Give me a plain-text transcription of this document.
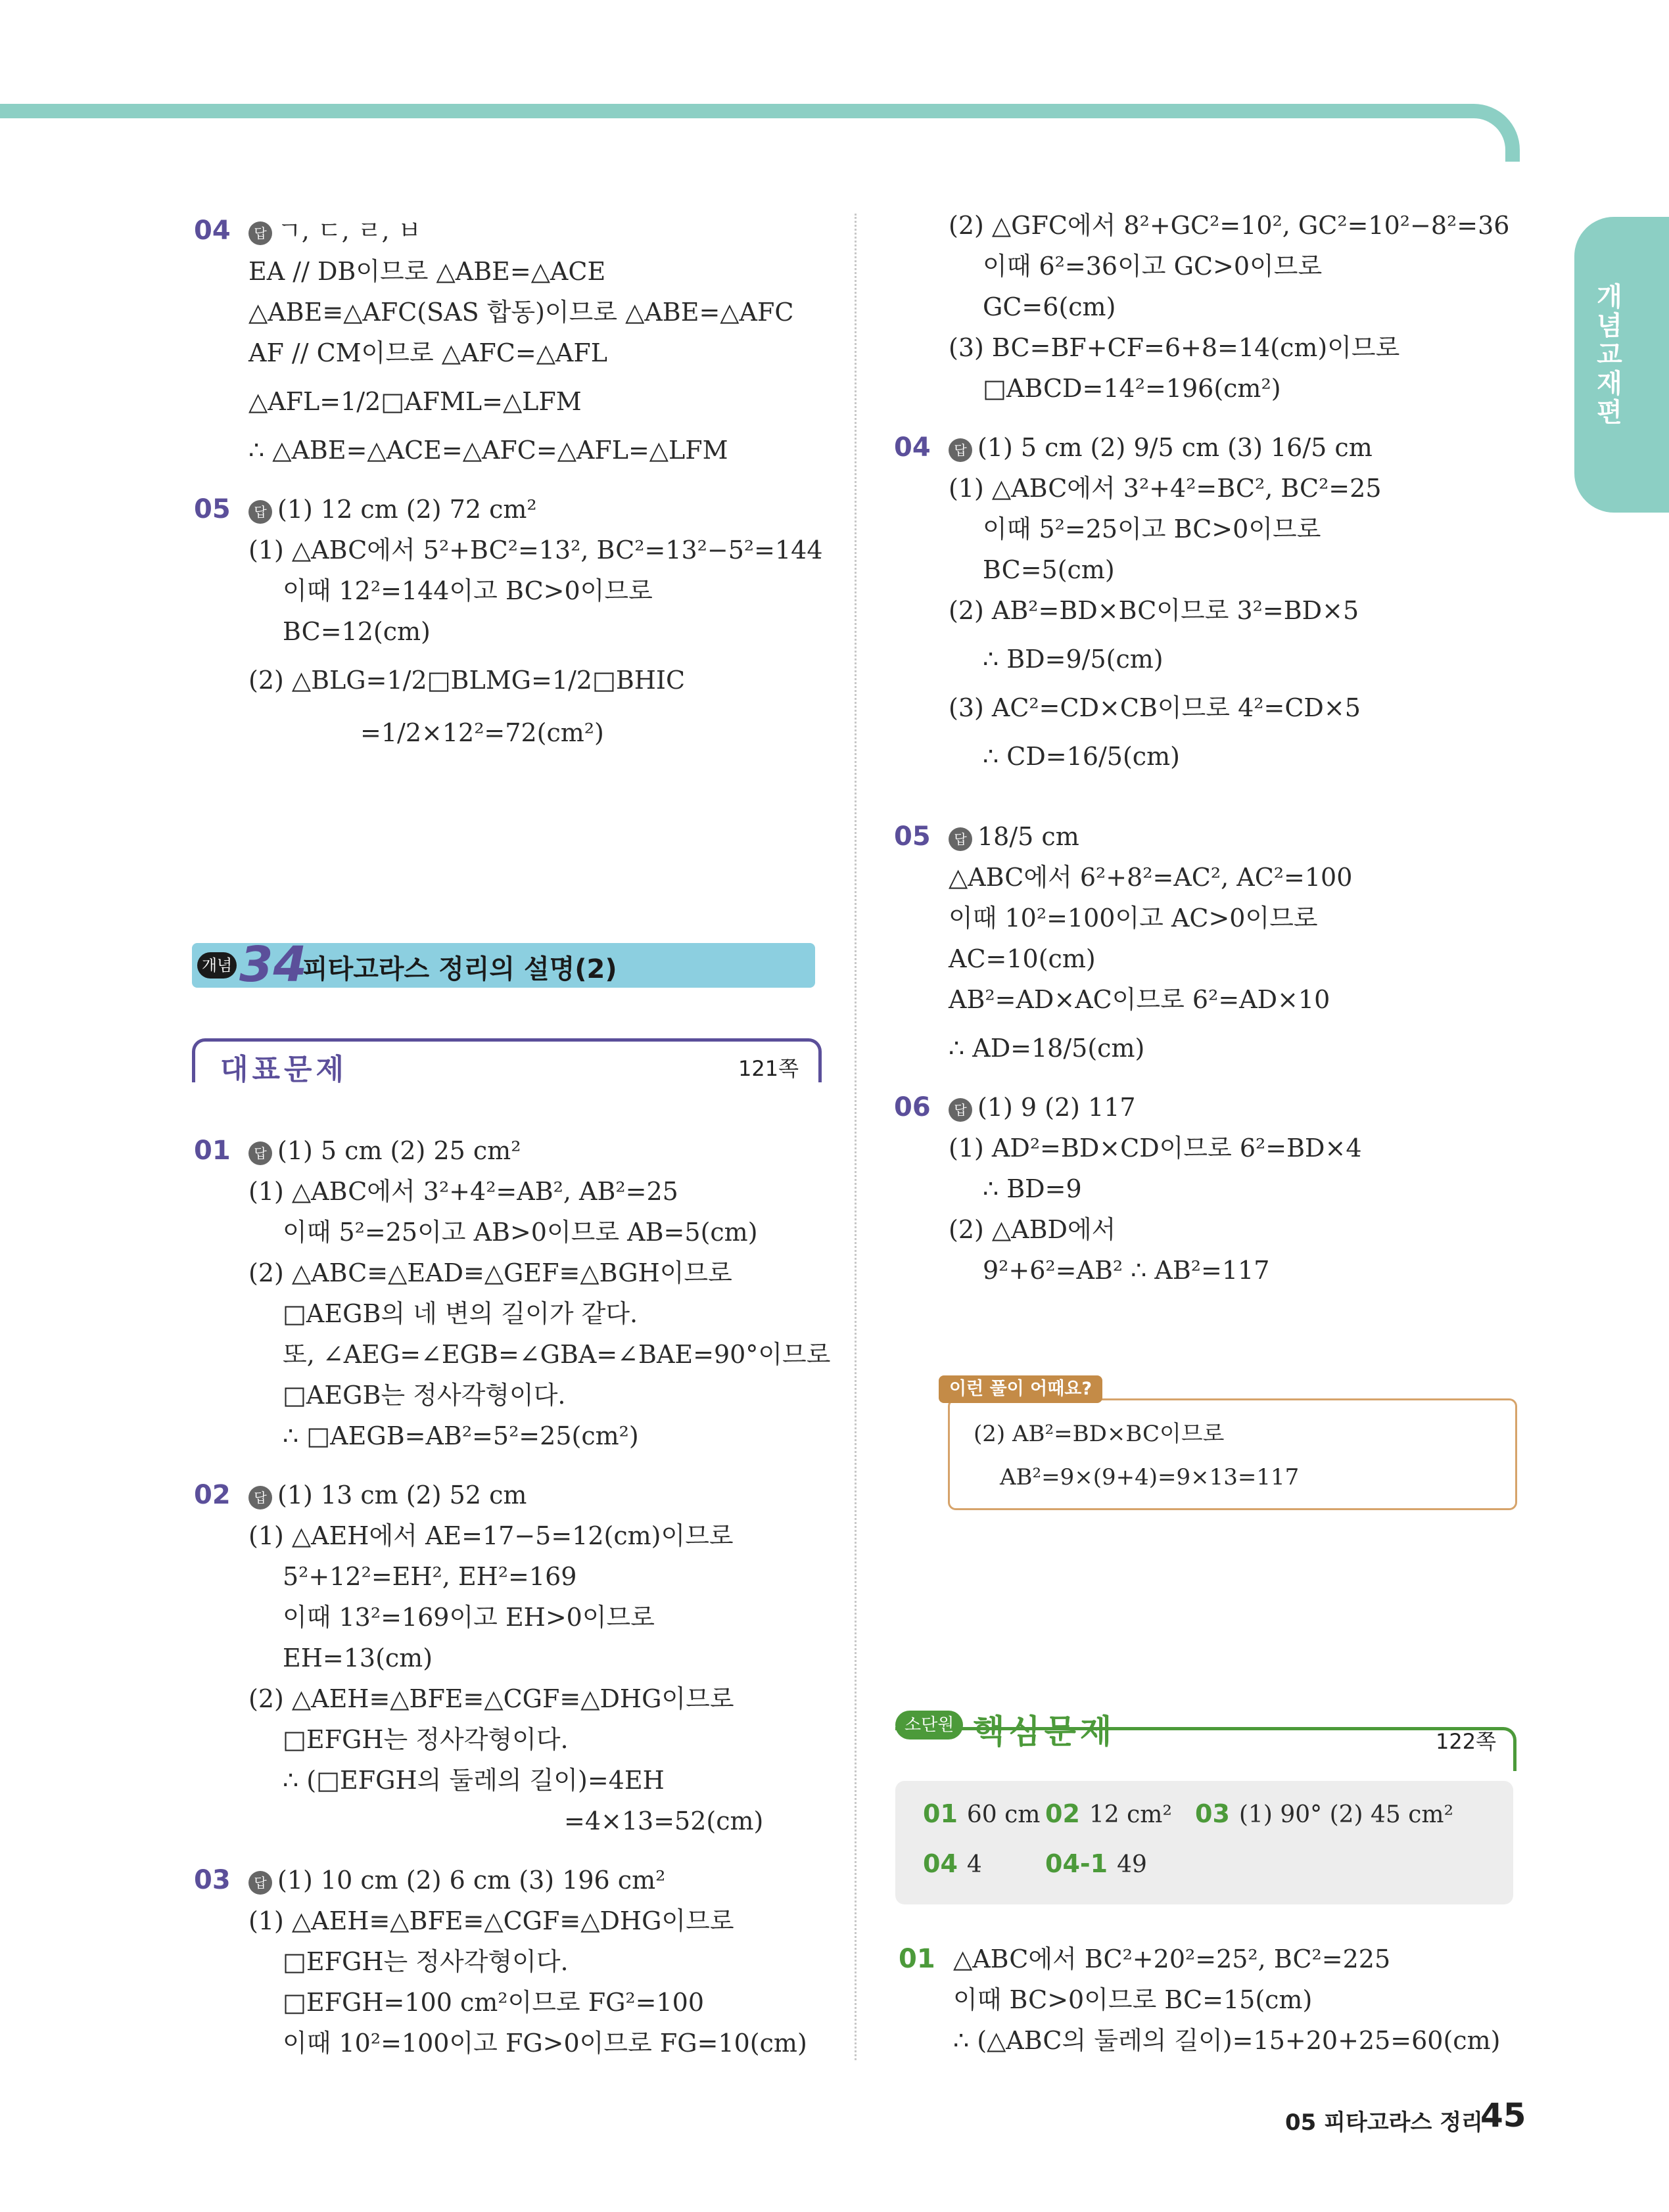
개념교재편
04	답 ㄱ, ㄷ, ㄹ, ㅂ
EA // DB이므로 △ABE=△ACE
△ABE≡△AFC(SAS 합동)이므로 △ABE=△AFC
AF // CM이므로 △AFC=△AFL
△AFL=1/2□AFML=△LFM
∴ △ABE=△ACE=△AFC=△AFL=△LFM
05	답 (1) 12 cm (2) 72 cm²
(1) △ABC에서 5²+BC²=13², BC²=13²−5²=144
이때 12²=144이고 BC>0이므로
BC=12(cm)
(2) △BLG=1/2□BLMG=1/2□BHIC
=1/2×12²=72(cm²)
개념 34
피타고라스 정리의 설명(2)
대표문제	121쪽
01	답 (1) 5 cm (2) 25 cm²
(1) △ABC에서 3²+4²=AB², AB²=25
이때 5²=25이고 AB>0이므로 AB=5(cm)
(2) △ABC≡△EAD≡△GEF≡△BGH이므로
□AEGB의 네 변의 길이가 같다.
또, ∠AEG=∠EGB=∠GBA=∠BAE=90°이므로
□AEGB는 정사각형이다.
∴ □AEGB=AB²=5²=25(cm²)
02	답 (1) 13 cm (2) 52 cm
(1) △AEH에서 AE=17−5=12(cm)이므로
5²+12²=EH², EH²=169
이때 13²=169이고 EH>0이므로
EH=13(cm)
(2) △AEH≡△BFE≡△CGF≡△DHG이므로
□EFGH는 정사각형이다.
∴ (□EFGH의 둘레의 길이)=4EH
=4×13=52(cm)
03	답 (1) 10 cm (2) 6 cm (3) 196 cm²
(1) △AEH≡△BFE≡△CGF≡△DHG이므로
□EFGH는 정사각형이다.
□EFGH=100 cm²이므로 FG²=100
이때 10²=100이고 FG>0이므로 FG=10(cm)
(2) △GFC에서 8²+GC²=10², GC²=10²−8²=36
이때 6²=36이고 GC>0이므로
GC=6(cm)
(3) BC=BF+CF=6+8=14(cm)이므로
□ABCD=14²=196(cm²)
04	답 (1) 5 cm (2) 9/5 cm (3) 16/5 cm
(1) △ABC에서 3²+4²=BC², BC²=25
이때 5²=25이고 BC>0이므로
BC=5(cm)
(2) AB²=BD×BC이므로 3²=BD×5
∴ BD=9/5(cm)
(3) AC²=CD×CB이므로 4²=CD×5
∴ CD=16/5(cm)
05	답 18/5 cm
△ABC에서 6²+8²=AC², AC²=100
이때 10²=100이고 AC>0이므로
AC=10(cm)
AB²=AD×AC이므로 6²=AD×10
∴ AD=18/5(cm)
06	답 (1) 9 (2) 117
(1) AD²=BD×CD이므로 6²=BD×4
∴ BD=9
(2) △ABD에서
9²+6²=AB² ∴ AB²=117
(2) AB²=BD×BC이므로
AB²=9×(9+4)=9×13=117
이런 풀이 어때요?
소단원 핵심문제	122쪽
01 60 cm 02 12 cm² 03 (1) 90° (2) 45 cm²
04 4	04-1 49
01 △ABC에서 BC²+20²=25², BC²=225
이때 BC>0이므로 BC=15(cm)
∴ (△ABC의 둘레의 길이)=15+20+25=60(cm)
05 피타고라스 정리
45
